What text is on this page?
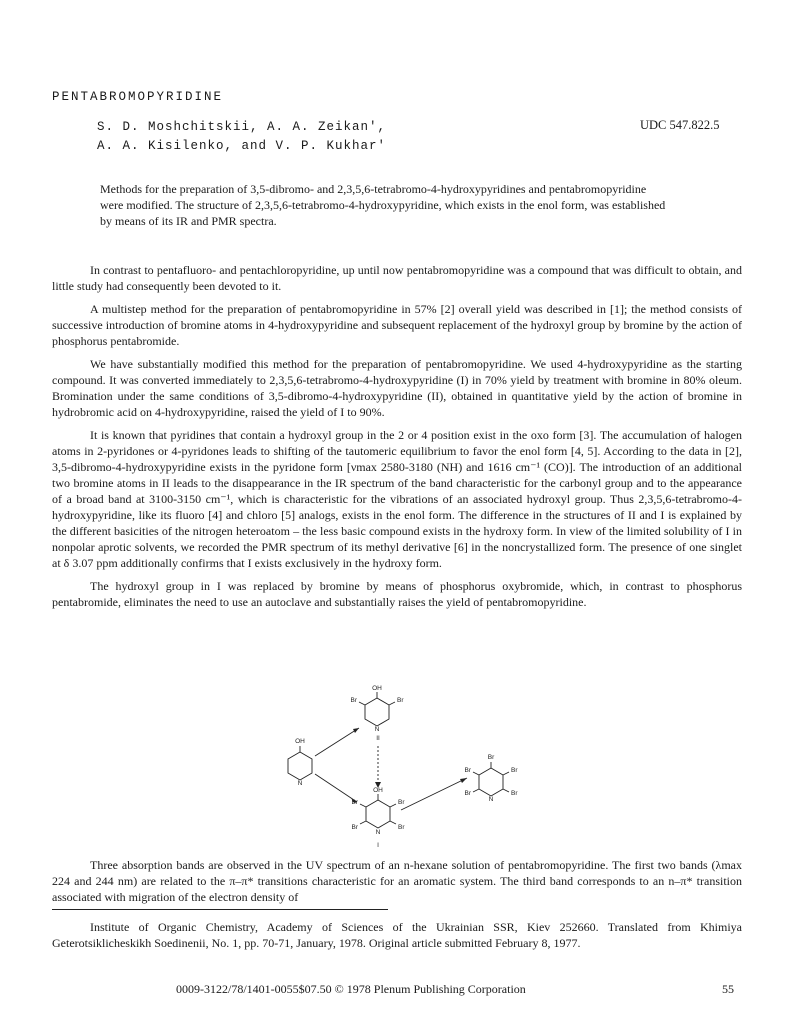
PENTABROMOPYRIDINE
S. D. Moshchitskii, A. A. Zeikan',
A. A. Kisilenko, and V. P. Kukhar'
UDC 547.822.5
Methods for the preparation of 3,5-dibromo- and 2,3,5,6-tetrabromo-4-hydroxypyridines and pentabromopyridine were modified. The structure of 2,3,5,6-tetrabromo-4-hydroxypyridine, which exists in the enol form, was established by means of its IR and PMR spectra.

In contrast to pentafluoro- and pentachloropyridine, up until now pentabromopyridine was a compound that was difficult to obtain, and little study had consequently been devoted to it.

A multistep method for the preparation of pentabromopyridine in 57% [2] overall yield was described in [1]; the method consists of successive introduction of bromine atoms in 4-hydroxypyridine and subsequent replacement of the hydroxyl group by bromine by the action of phosphorus pentabromide.

We have substantially modified this method for the preparation of pentabromopyridine. We used 4-hydroxypyridine as the starting compound. It was converted immediately to 2,3,5,6-tetrabromo-4-hydroxypyridine (I) in 70% yield by treatment with bromine in 80% oleum. Bromination under the same conditions of 3,5-dibromo-4-hydroxypyridine (II), obtained in quantitative yield by the action of bromine in hydrobromic acid on 4-hydroxypyridine, raised the yield of I to 90%.

It is known that pyridines that contain a hydroxyl group in the 2 or 4 position exist in the oxo form [3]. The accumulation of halogen atoms in 2-pyridones or 4-pyridones leads to shifting of the tautomeric equilibrium to favor the enol form [4, 5]. According to the data in [2], 3,5-dibromo-4-hydroxypyridine exists in the pyridone form [νmax 2580-3180 (NH) and 1616 cm⁻¹ (CO)]. The introduction of an additional two bromine atoms in II leads to the disappearance in the IR spectrum of the band characteristic for the carbonyl group and to the appearance of a broad band at 3100-3150 cm⁻¹, which is characteristic for the vibrations of an associated hydroxyl group. Thus 2,3,5,6-tetrabromo-4-hydroxypyridine, like its fluoro [4] and chloro [5] analogs, exists in the enol form. The difference in the structures of II and I is explained by the different basicities of the nitrogen heteroatom – the less basic compound exists in the hydroxy form. In view of the limited solubility of I in nonpolar aprotic solvents, we recorded the PMR spectrum of its methyl derivative [6] in the noncrystallized form. The presence of one singlet at δ 3.07 ppm additionally confirms that I exists exclusively in the hydroxy form.

The hydroxyl group in I was replaced by bromine by means of phosphorus oxybromide, which, in contrast to phosphorus pentabromide, eliminates the need to use an autoclave and substantially raises the yield of pentabromopyridine.

OH
Br	Br
N
II
OH
N
OH
Br	Br
Br	Br
N
I
Br
Br	Br
Br	Br
N

Three absorption bands are observed in the UV spectrum of an n-hexane solution of pentabromopyridine. The first two bands (λmax 224 and 244 nm) are related to the π–π* transitions characteristic for an aromatic system. The third band corresponds to an n–π* transition associated with migration of the electron density of

Institute of Organic Chemistry, Academy of Sciences of the Ukrainian SSR, Kiev 252660. Translated from Khimiya Geterotsiklicheskikh Soedinenii, No. 1, pp. 70-71, January, 1978. Original article submitted February 8, 1977.

0009-3122/78/1401-0055$07.50 © 1978 Plenum Publishing Corporation	55
